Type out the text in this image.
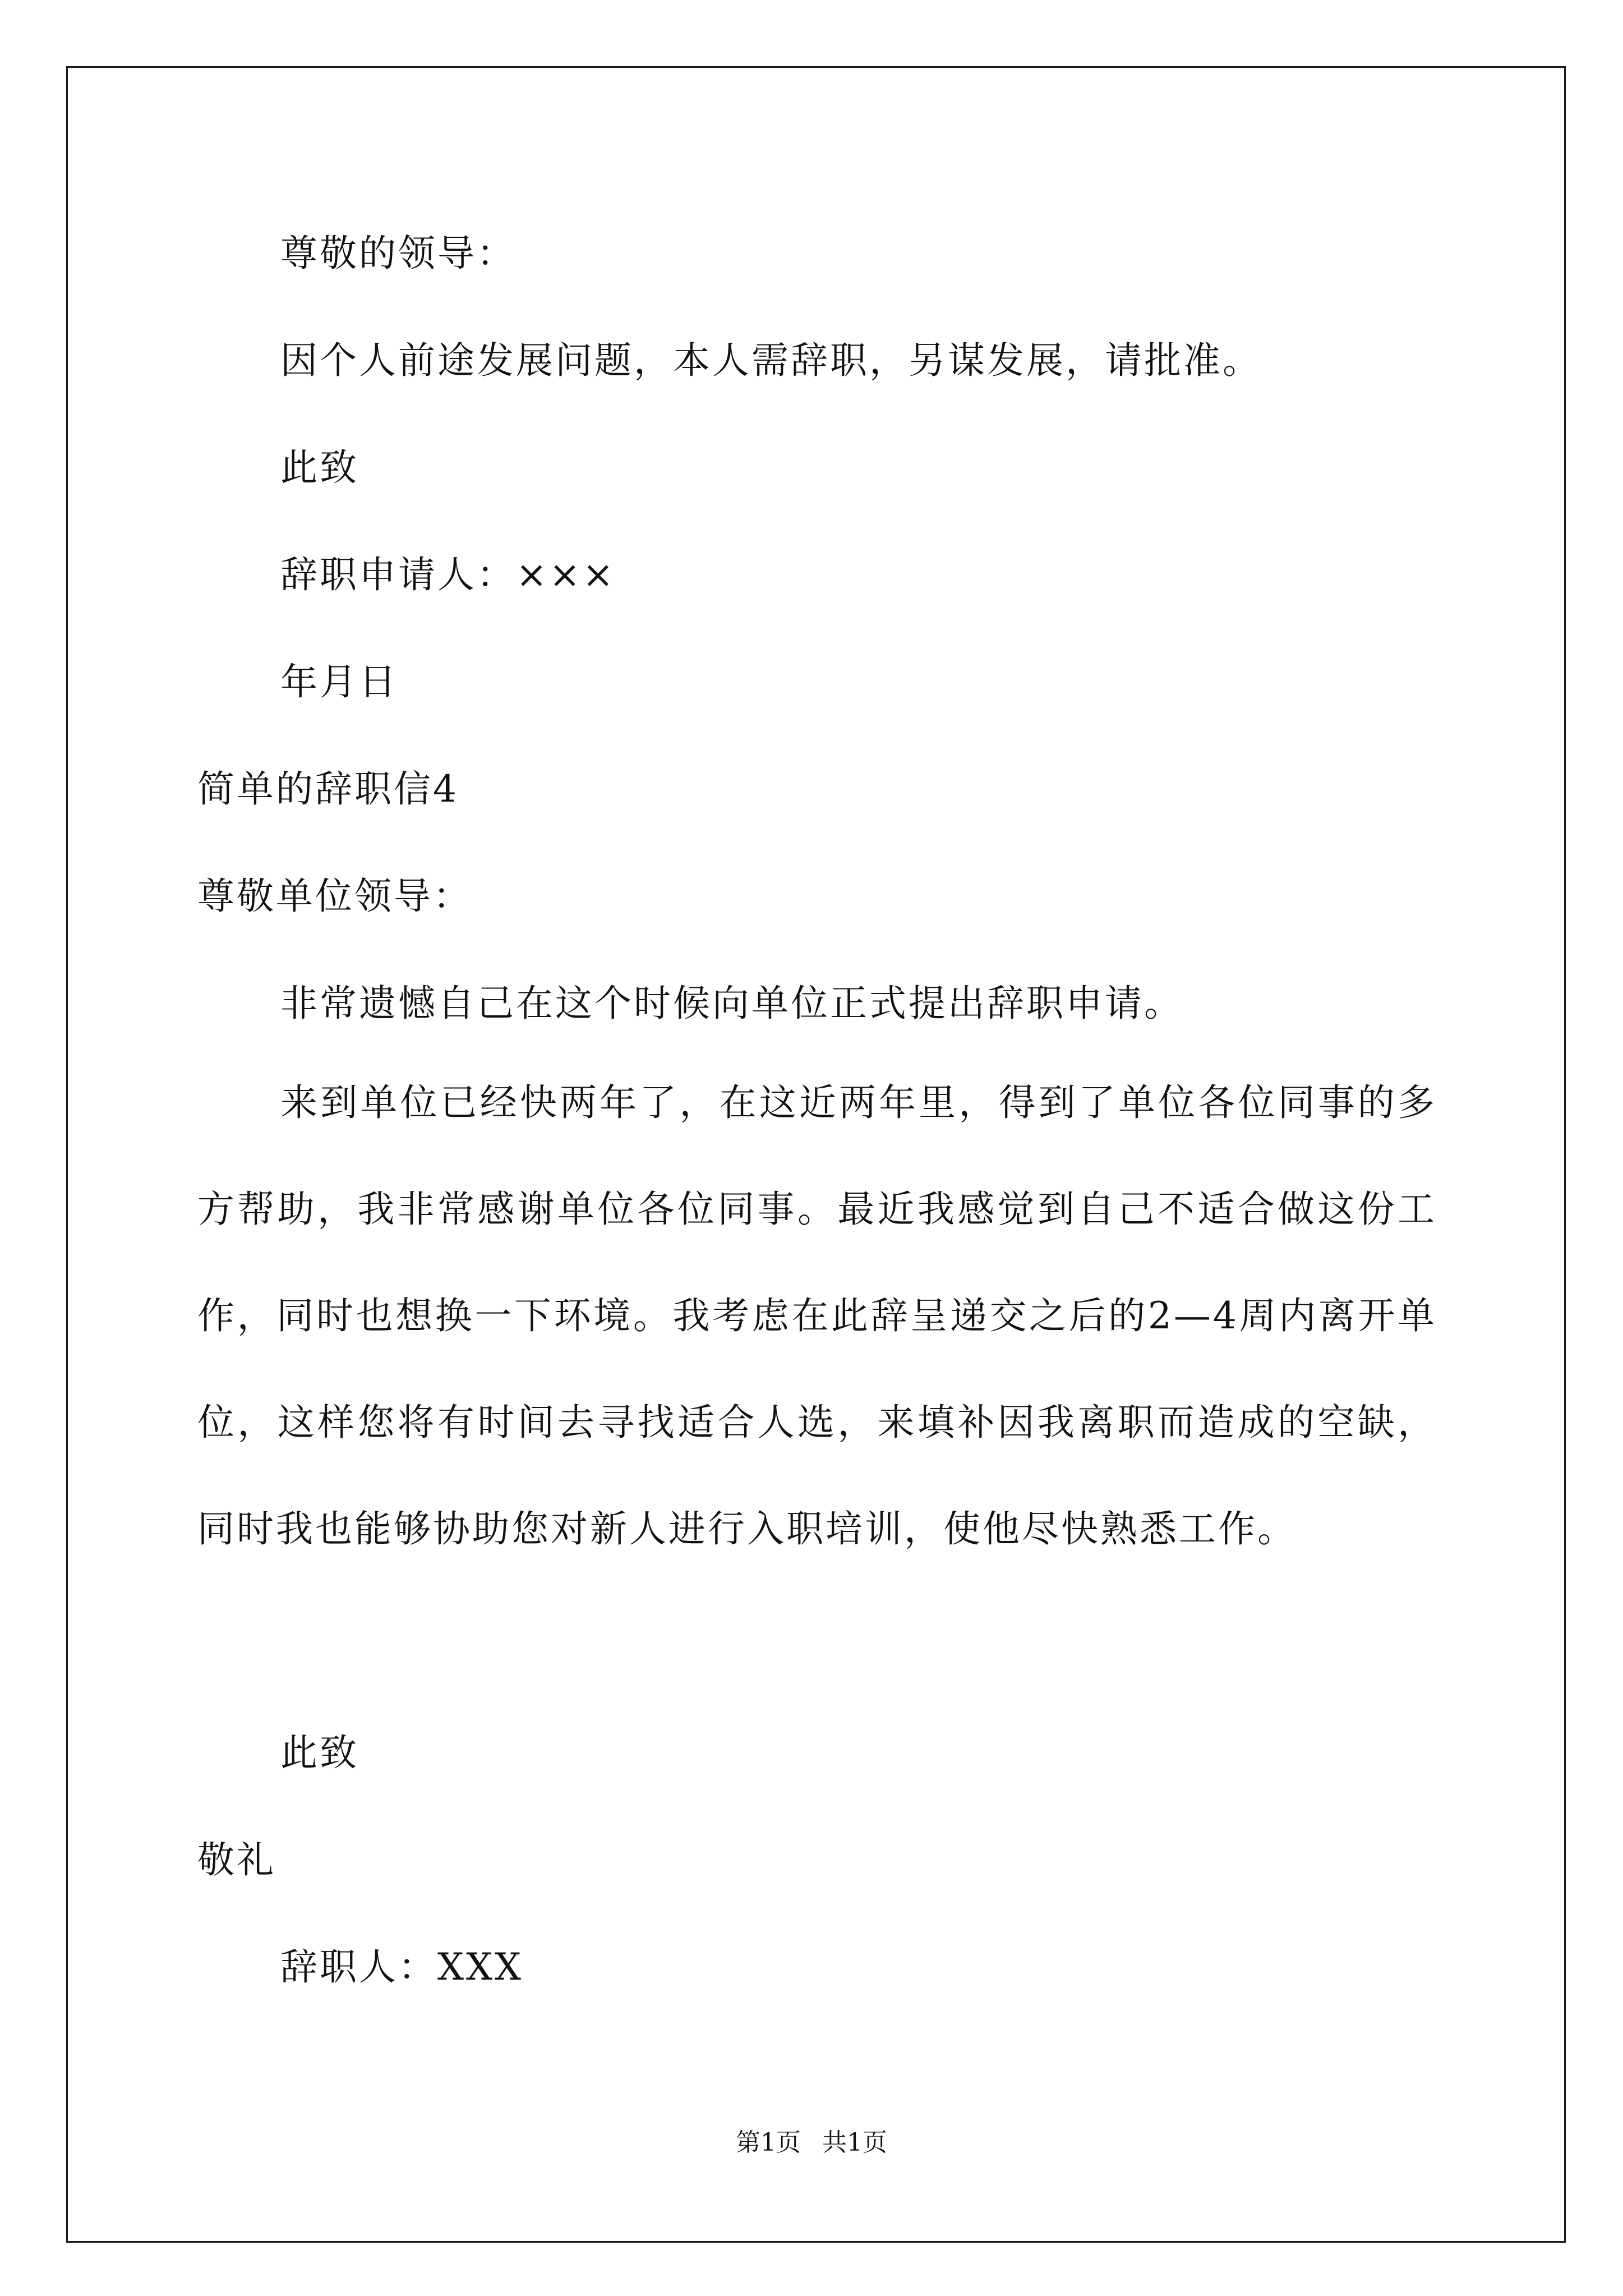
尊敬的领导：

因个人前途发展问题，本人需辞职，另谋发展，请批准。

此致

辞职申请人：×××

年月日

简单的辞职信4

尊敬单位领导：

非常遗憾自己在这个时候向单位正式提出辞职申请。

来到单位已经快两年了，在这近两年里，得到了单位各位同事的多方帮助，我非常感谢单位各位同事。最近我感觉到自己不适合做这份工作，同时也想换一下环境。我考虑在此辞呈递交之后的2—4周内离开单位，这样您将有时间去寻找适合人选，来填补因我离职而造成的空缺，同时我也能够协助您对新人进行入职培训，使他尽快熟悉工作。

此致

敬礼

辞职人：XXX

第1页 共1页
